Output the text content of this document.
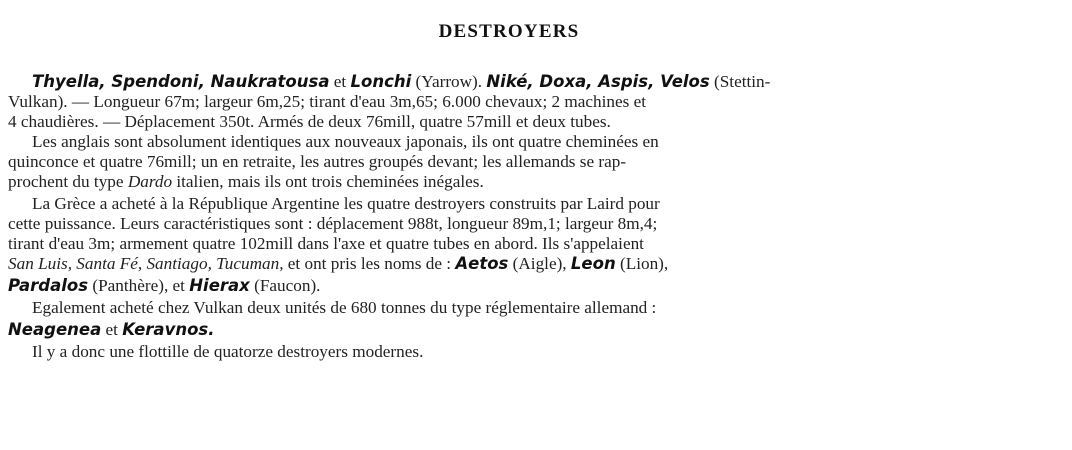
DESTROYERS
Thyella, Spendoni, Naukratousa et Lonchi (Yarrow). Niké, Doxa, Aspis, Velos (Stettin-
Vulkan). — Longueur 67m; largeur 6m,25; tirant d'eau 3m,65; 6.000 chevaux; 2 machines et
4 chaudières. — Déplacement 350t. Armés de deux 76mill, quatre 57mill et deux tubes.
Les anglais sont absolument identiques aux nouveaux japonais, ils ont quatre cheminées en
quinconce et quatre 76mill; un en retraite, les autres groupés devant; les allemands se rap-
prochent du type Dardo italien, mais ils ont trois cheminées inégales.
La Grèce a acheté à la République Argentine les quatre destroyers construits par Laird pour
cette puissance. Leurs caractéristiques sont : déplacement 988t, longueur 89m,1; largeur 8m,4;
tirant d'eau 3m; armement quatre 102mill dans l'axe et quatre tubes en abord. Ils s'appelaient
San Luis, Santa Fé, Santiago, Tucuman, et ont pris les noms de : Aetos (Aigle), Leon (Lion),
Pardalos (Panthère), et Hierax (Faucon).
Egalement acheté chez Vulkan deux unités de 680 tonnes du type réglementaire allemand :
Neagenea et Keravnos.
Il y a donc une flottille de quatorze destroyers modernes.
